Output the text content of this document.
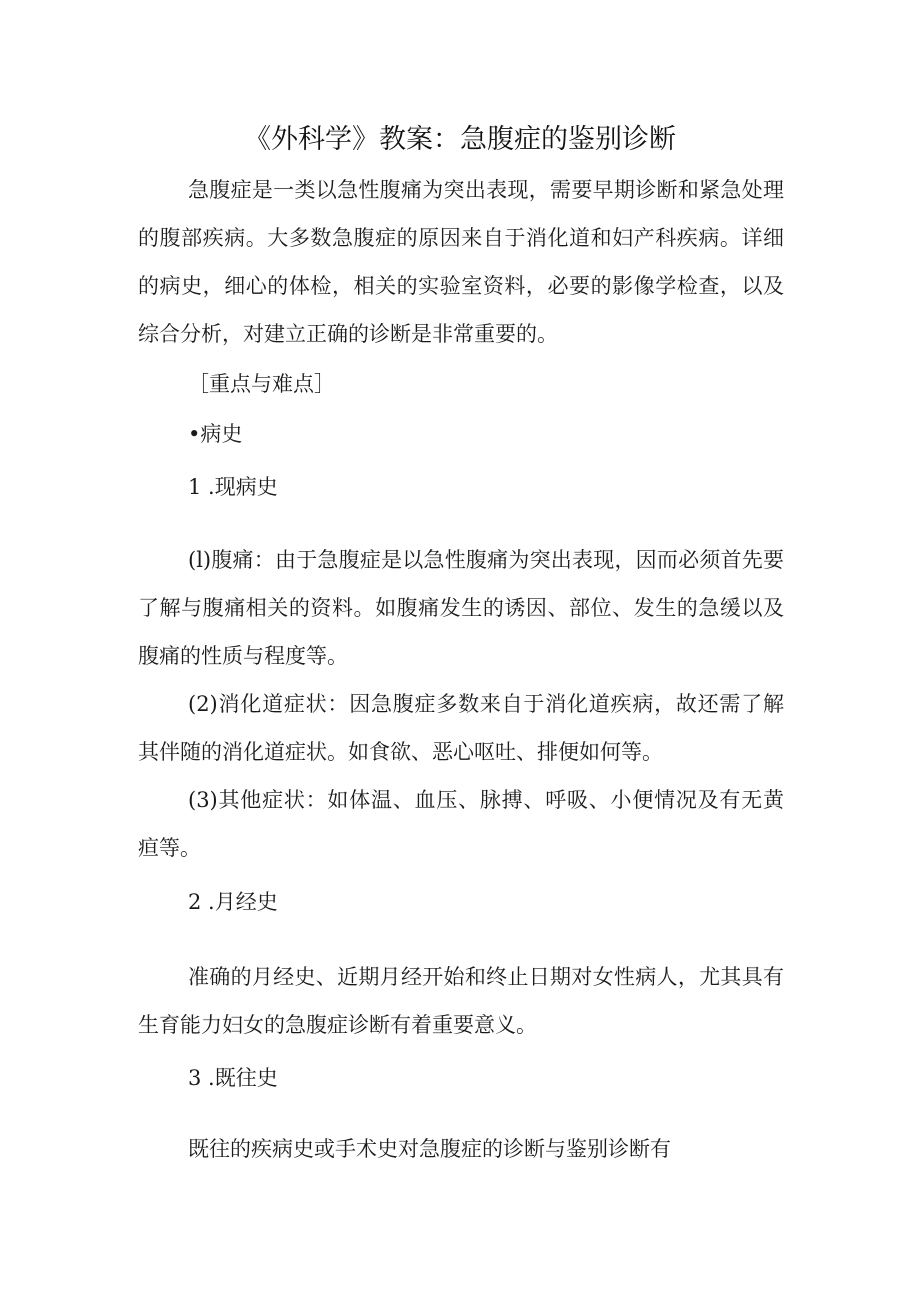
《外科学》教案：急腹症的鉴别诊断

急腹症是一类以急性腹痛为突出表现，需要早期诊断和紧急处理的腹部疾病。大多数急腹症的原因来自于消化道和妇产科疾病。详细的病史，细心的体检，相关的实验室资料，必要的影像学检查，以及综合分析，对建立正确的诊断是非常重要的。

［重点与难点］

•病史

1 .现病史

(l)腹痛：由于急腹症是以急性腹痛为突出表现，因而必须首先要了解与腹痛相关的资料。如腹痛发生的诱因、部位、发生的急缓以及腹痛的性质与程度等。

(2)消化道症状：因急腹症多数来自于消化道疾病，故还需了解其伴随的消化道症状。如食欲、恶心呕吐、排便如何等。

(3)其他症状：如体温、血压、脉搏、呼吸、小便情况及有无黄疸等。

2 .月经史

准确的月经史、近期月经开始和终止日期对女性病人，尤其具有生育能力妇女的急腹症诊断有着重要意义。

3 .既往史

既往的疾病史或手术史对急腹症的诊断与鉴别诊断有
